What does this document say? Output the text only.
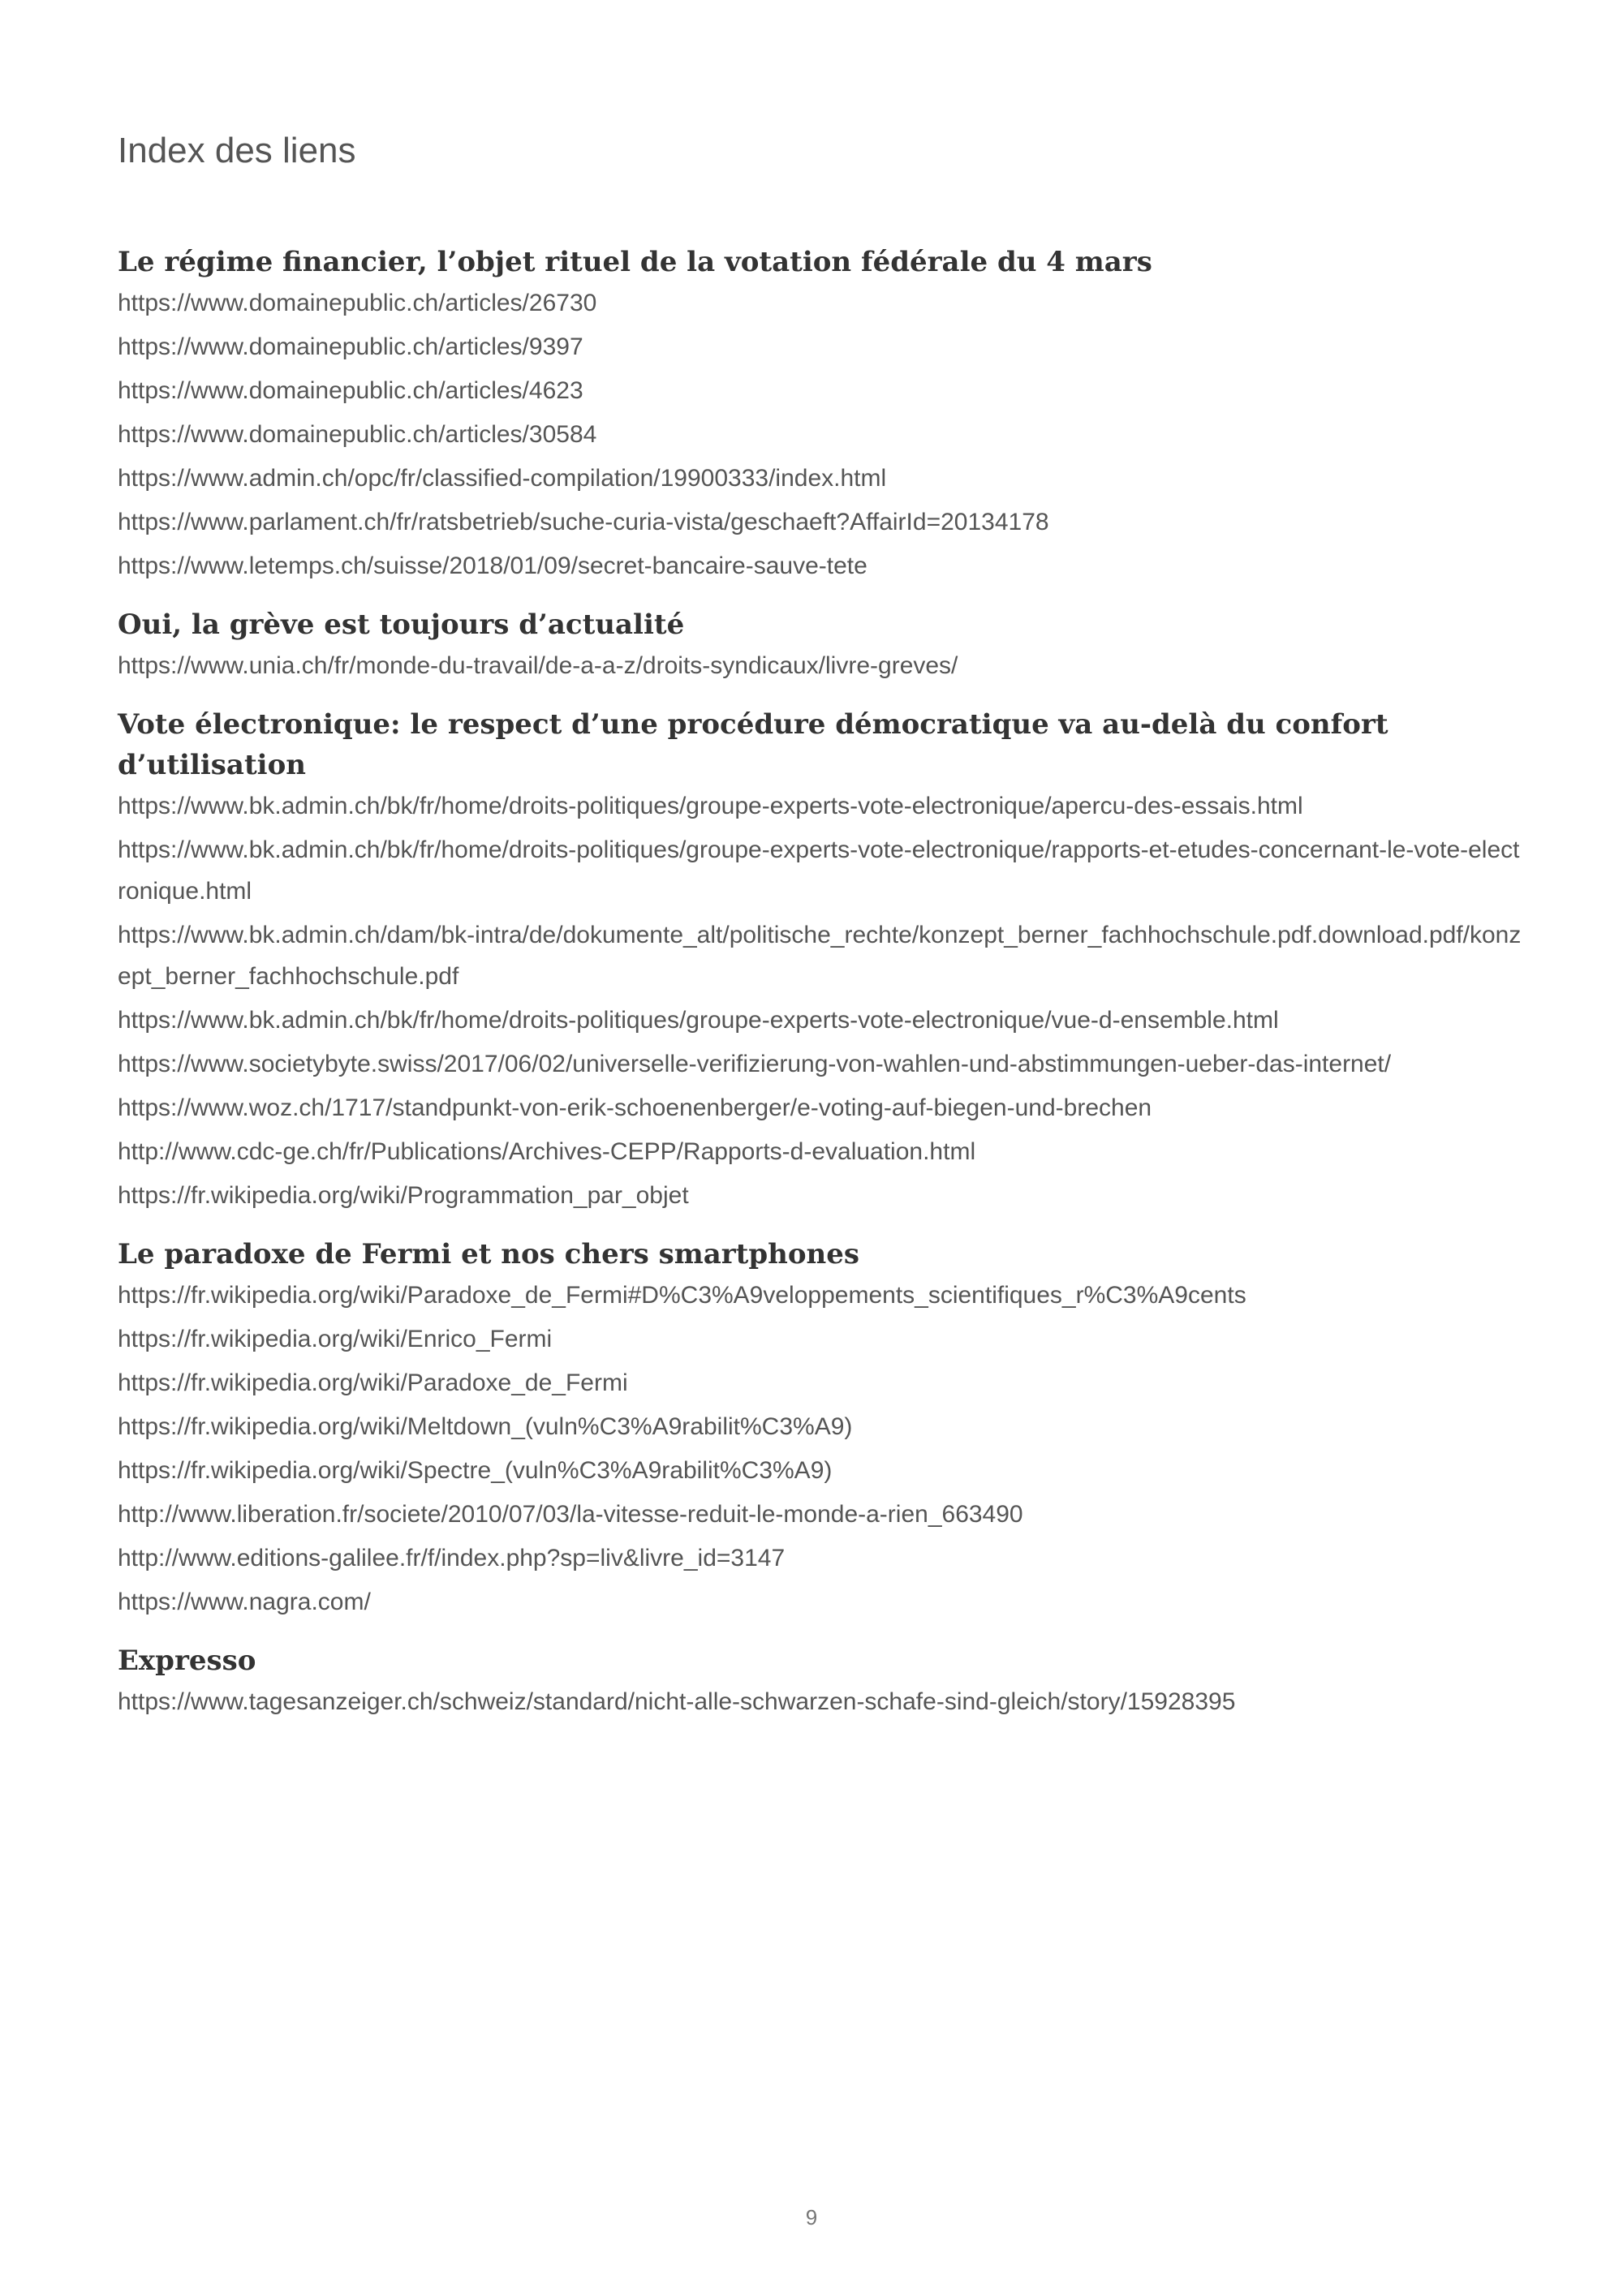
Index des liens
Le régime financier, l’objet rituel de la votation fédérale du 4 mars
https://www.domainepublic.ch/articles/26730
https://www.domainepublic.ch/articles/9397
https://www.domainepublic.ch/articles/4623
https://www.domainepublic.ch/articles/30584
https://www.admin.ch/opc/fr/classified-compilation/19900333/index.html
https://www.parlament.ch/fr/ratsbetrieb/suche-curia-vista/geschaeft?AffairId=20134178
https://www.letemps.ch/suisse/2018/01/09/secret-bancaire-sauve-tete
Oui, la grève est toujours d’actualité
https://www.unia.ch/fr/monde-du-travail/de-a-a-z/droits-syndicaux/livre-greves/
Vote électronique: le respect d’une procédure démocratique va au-delà du confort d’utilisation
https://www.bk.admin.ch/bk/fr/home/droits-politiques/groupe-experts-vote-electronique/apercu-des-essais.html
https://www.bk.admin.ch/bk/fr/home/droits-politiques/groupe-experts-vote-electronique/rapports-et-etudes-concernant-le-vote-electronique.html
https://www.bk.admin.ch/dam/bk-intra/de/dokumente_alt/politische_rechte/konzept_berner_fachhochschule.pdf.download.pdf/konzept_berner_fachhochschule.pdf
https://www.bk.admin.ch/bk/fr/home/droits-politiques/groupe-experts-vote-electronique/vue-d-ensemble.html
https://www.societybyte.swiss/2017/06/02/universelle-verifizierung-von-wahlen-und-abstimmungen-ueber-das-internet/
https://www.woz.ch/1717/standpunkt-von-erik-schoenenberger/e-voting-auf-biegen-und-brechen
http://www.cdc-ge.ch/fr/Publications/Archives-CEPP/Rapports-d-evaluation.html
https://fr.wikipedia.org/wiki/Programmation_par_objet
Le paradoxe de Fermi et nos chers smartphones
https://fr.wikipedia.org/wiki/Paradoxe_de_Fermi#D%C3%A9veloppements_scientifiques_r%C3%A9cents
https://fr.wikipedia.org/wiki/Enrico_Fermi
https://fr.wikipedia.org/wiki/Paradoxe_de_Fermi
https://fr.wikipedia.org/wiki/Meltdown_(vuln%C3%A9rabilit%C3%A9)
https://fr.wikipedia.org/wiki/Spectre_(vuln%C3%A9rabilit%C3%A9)
http://www.liberation.fr/societe/2010/07/03/la-vitesse-reduit-le-monde-a-rien_663490
http://www.editions-galilee.fr/f/index.php?sp=liv&livre_id=3147
https://www.nagra.com/
Expresso
https://www.tagesanzeiger.ch/schweiz/standard/nicht-alle-schwarzen-schafe-sind-gleich/story/15928395
9
